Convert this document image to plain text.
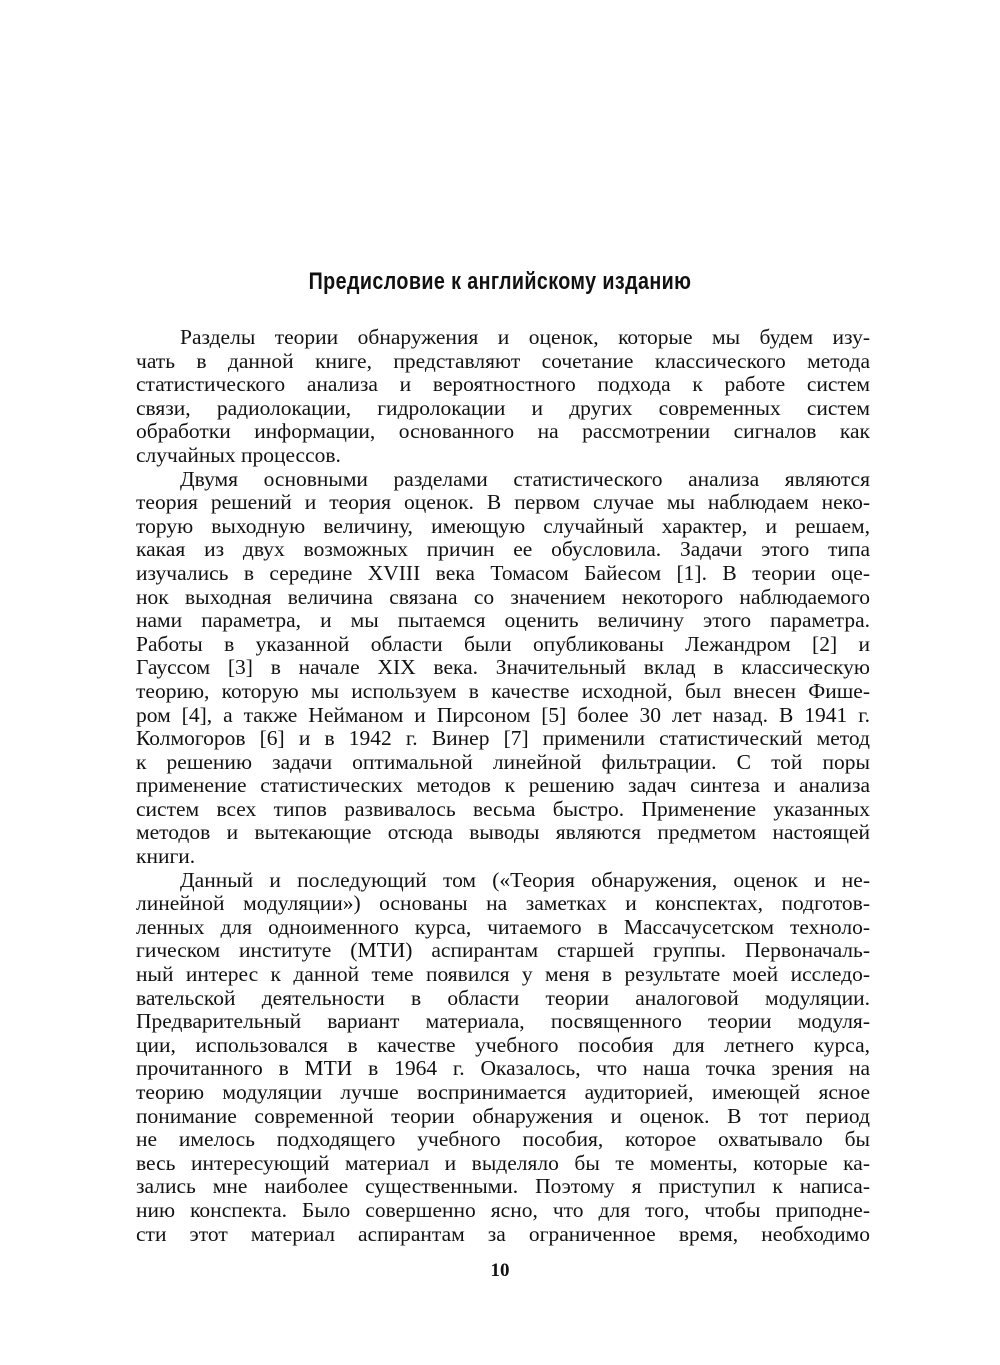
Предисловие к английскому изданию
Разделы теории обнаружения и оценок, которые мы будем изу-
чать в данной книге, представляют сочетание классического метода
статистического анализа и вероятностного подхода к работе систем
связи, радиолокации, гидролокации и других современных систем
обработки информации, основанного на рассмотрении сигналов как
случайных процессов.
Двумя основными разделами статистического анализа являются
теория решений и теория оценок. В первом случае мы наблюдаем неко-
торую выходную величину, имеющую случайный характер, и решаем,
какая из двух возможных причин ее обусловила. Задачи этого типа
изучались в середине XVIII века Томасом Байесом [1]. В теории оце-
нок выходная величина связана со значением некоторого наблюдаемого
нами параметра, и мы пытаемся оценить величину этого параметра.
Работы в указанной области были опубликованы Лежандром [2] и
Гауссом [3] в начале XIX века. Значительный вклад в классическую
теорию, которую мы используем в качестве исходной, был внесен Фише-
ром [4], а также Нейманом и Пирсоном [5] более 30 лет назад. В 1941 г.
Колмогоров [6] и в 1942 г. Винер [7] применили статистический метод
к решению задачи оптимальной линейной фильтрации. С той поры
применение статистических методов к решению задач синтеза и анализа
систем всех типов развивалось весьма быстро. Применение указанных
методов и вытекающие отсюда выводы являются предметом настоящей
книги.
Данный и последующий том («Теория обнаружения, оценок и не-
линейной модуляции») основаны на заметках и конспектах, подготов-
ленных для одноименного курса, читаемого в Массачусетском техноло-
гическом институте (МТИ) аспирантам старшей группы. Первоначаль-
ный интерес к данной теме появился у меня в результате моей исследо-
вательской деятельности в области теории аналоговой модуляции.
Предварительный вариант материала, посвященного теории модуля-
ции, использовался в качестве учебного пособия для летнего курса,
прочитанного в МТИ в 1964 г. Оказалось, что наша точка зрения на
теорию модуляции лучше воспринимается аудиторией, имеющей ясное
понимание современной теории обнаружения и оценок. В тот период
не имелось подходящего учебного пособия, которое охватывало бы
весь интересующий материал и выделяло бы те моменты, которые ка-
зались мне наиболее существенными. Поэтому я приступил к написа-
нию конспекта. Было совершенно ясно, что для того, чтобы приподне-
сти этот материал аспирантам за ограниченное время, необходимо
10
